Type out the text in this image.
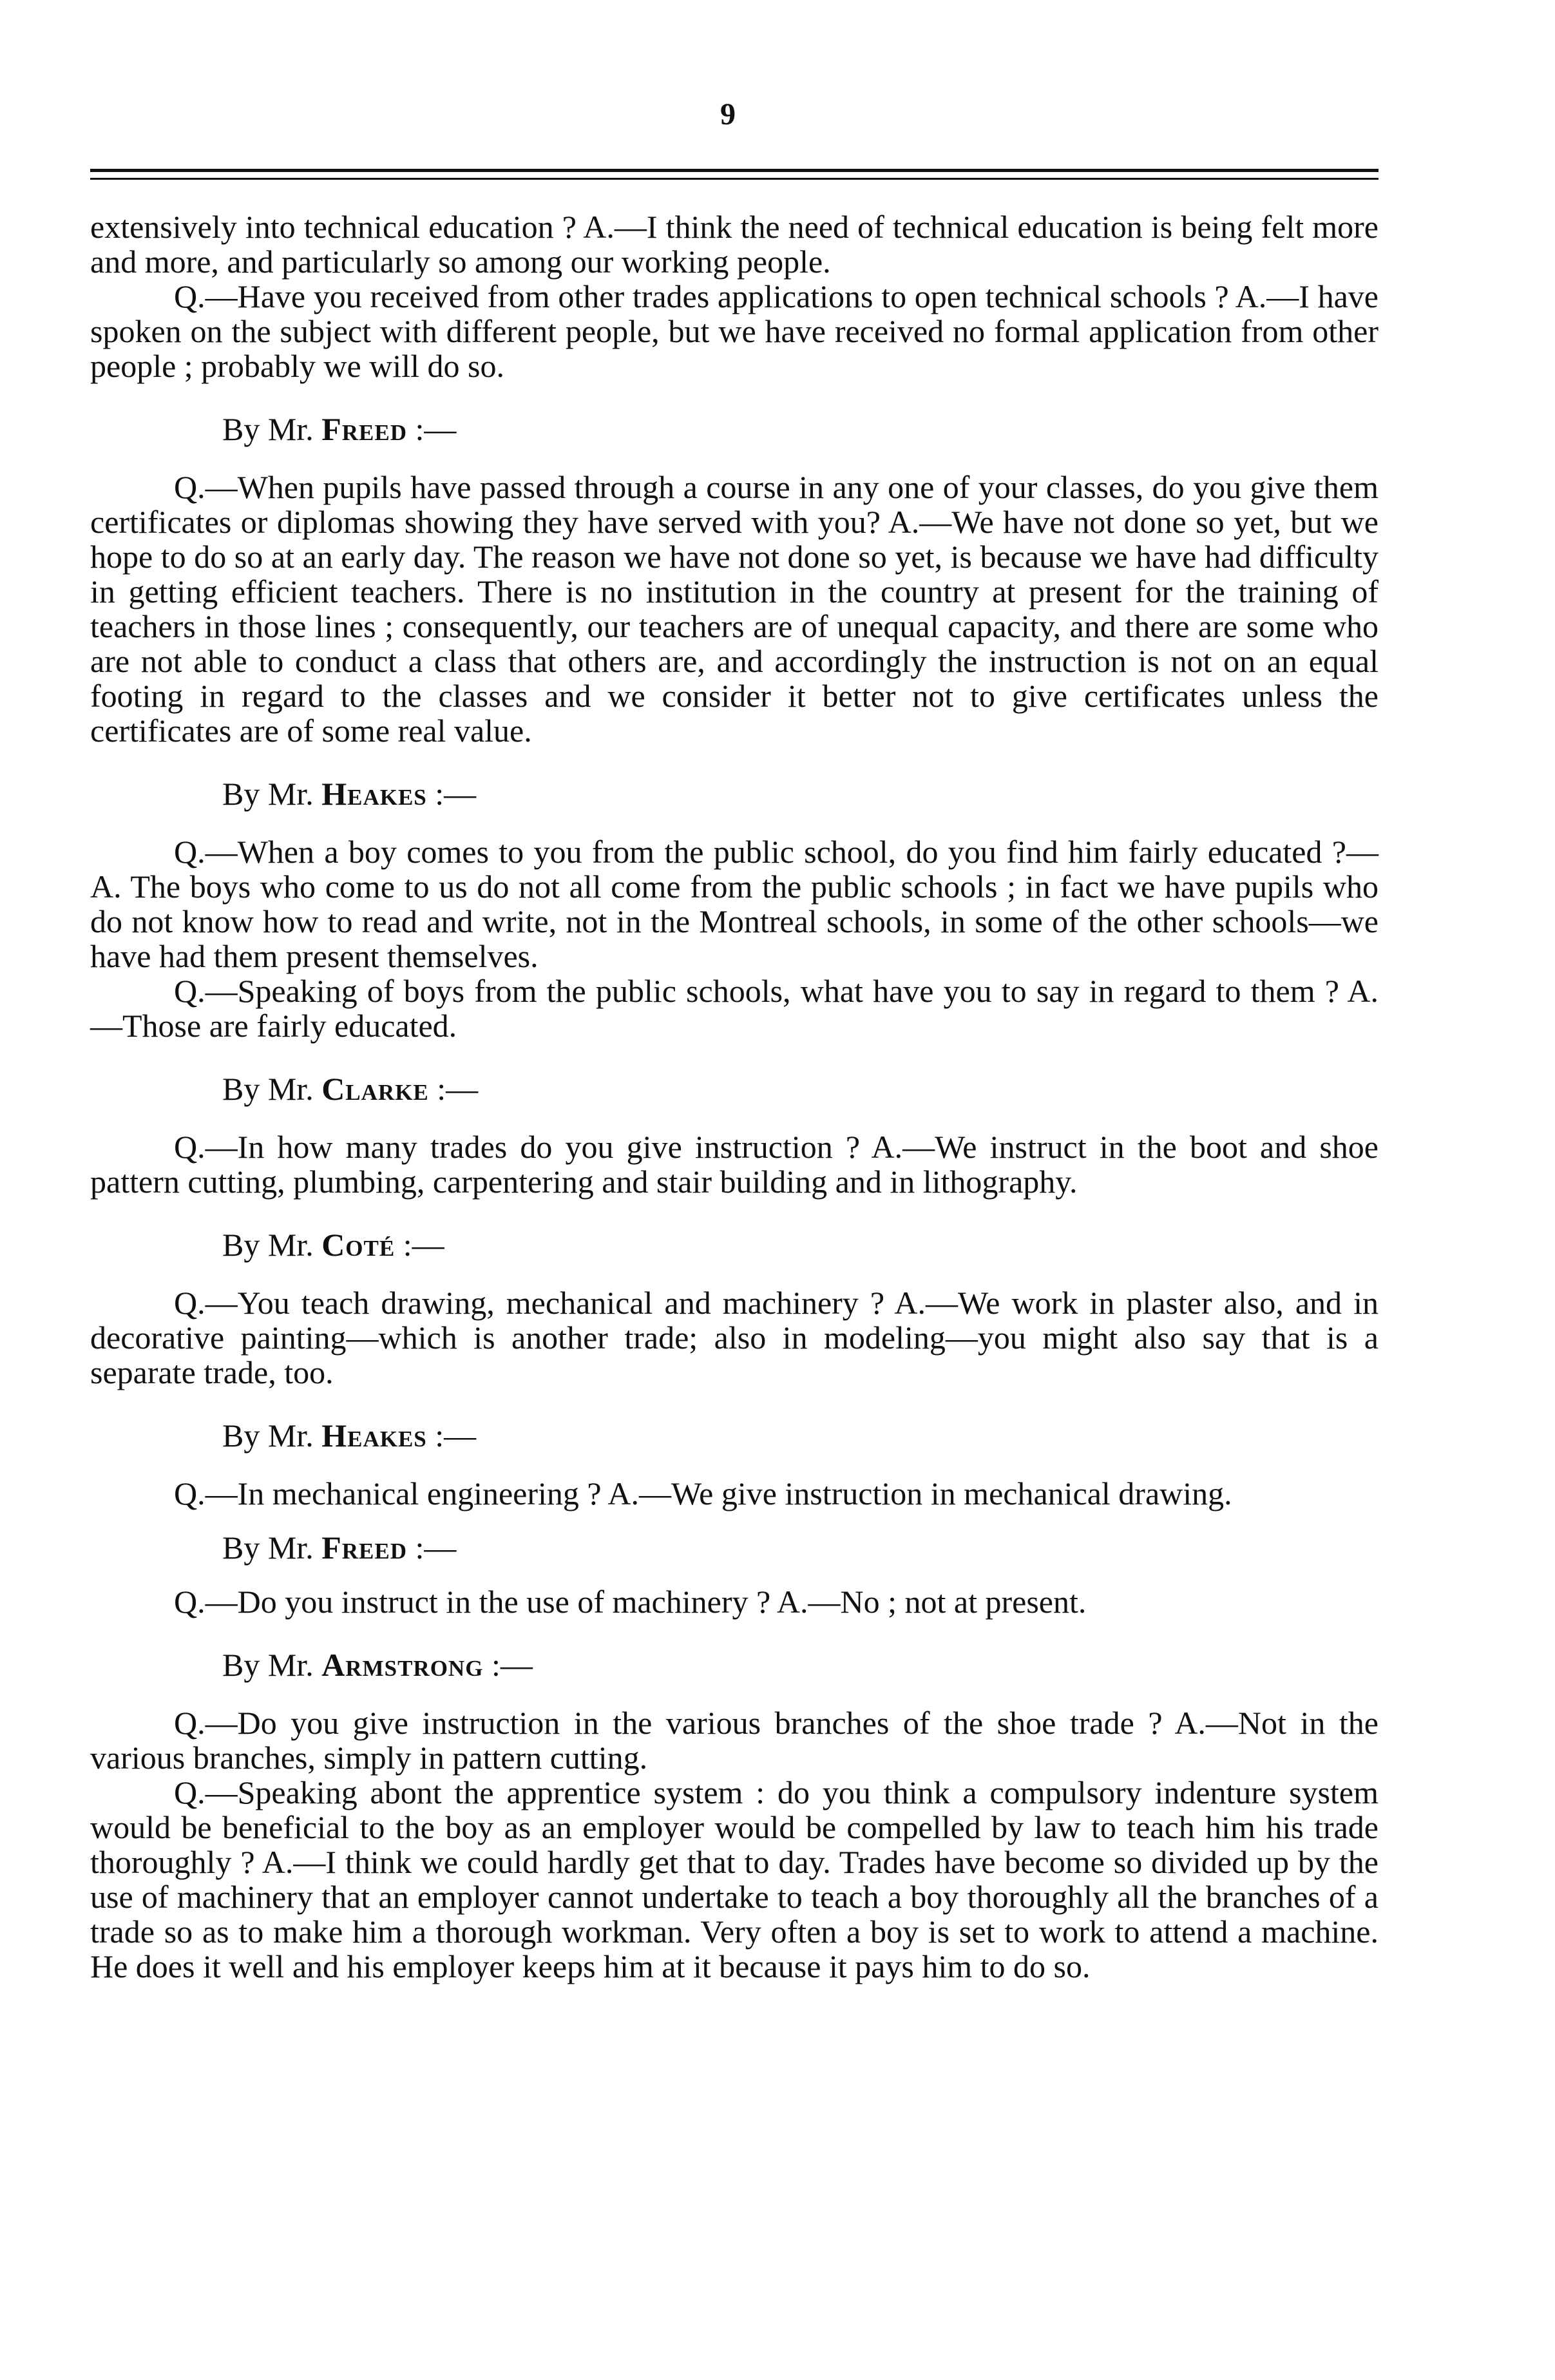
9

extensively into technical education ? A.—I think the need of technical education is being felt more and more, and particularly so among our working people.

Q.—Have you received from other trades applications to open technical schools ? A.—I have spoken on the subject with different people, but we have received no formal application from other people ; probably we will do so.

By Mr. Freed :—

Q.—When pupils have passed through a course in any one of your classes, do you give them certificates or diplomas showing they have served with you? A.—We have not done so yet, but we hope to do so at an early day. The reason we have not done so yet, is because we have had difficulty in getting efficient teachers. There is no institution in the country at present for the training of teachers in those lines ; consequently, our teachers are of unequal capacity, and there are some who are not able to conduct a class that others are, and accordingly the instruction is not on an equal footing in regard to the classes and we consider it better not to give certificates unless the certificates are of some real value.

By Mr. Heakes :—

Q.—When a boy comes to you from the public school, do you find him fairly educated ?—A. The boys who come to us do not all come from the public schools ; in fact we have pupils who do not know how to read and write, not in the Montreal schools, in some of the other schools—we have had them present themselves.

Q.—Speaking of boys from the public schools, what have you to say in regard to them ? A.—Those are fairly educated.

By Mr. Clarke :—

Q.—In how many trades do you give instruction ? A.—We instruct in the boot and shoe pattern cutting, plumbing, carpentering and stair building and in lithography.

By Mr. Coté :—

Q.—You teach drawing, mechanical and machinery ? A.—We work in plaster also, and in decorative painting—which is another trade; also in modeling—you might also say that is a separate trade, too.

By Mr. Heakes :—

Q.—In mechanical engineering ? A.—We give instruction in mechanical drawing.

By Mr. Freed :—

Q.—Do you instruct in the use of machinery ? A.—No ; not at present.

By Mr. Armstrong :—

Q.—Do you give instruction in the various branches of the shoe trade ? A.—Not in the various branches, simply in pattern cutting.

Q.—Speaking abont the apprentice system : do you think a compulsory indenture system would be beneficial to the boy as an employer would be compelled by law to teach him his trade thoroughly ? A.—I think we could hardly get that to day. Trades have become so divided up by the use of machinery that an employer cannot undertake to teach a boy thoroughly all the branches of a trade so as to make him a thorough workman. Very often a boy is set to work to attend a machine. He does it well and his employer keeps him at it because it pays him to do so.
